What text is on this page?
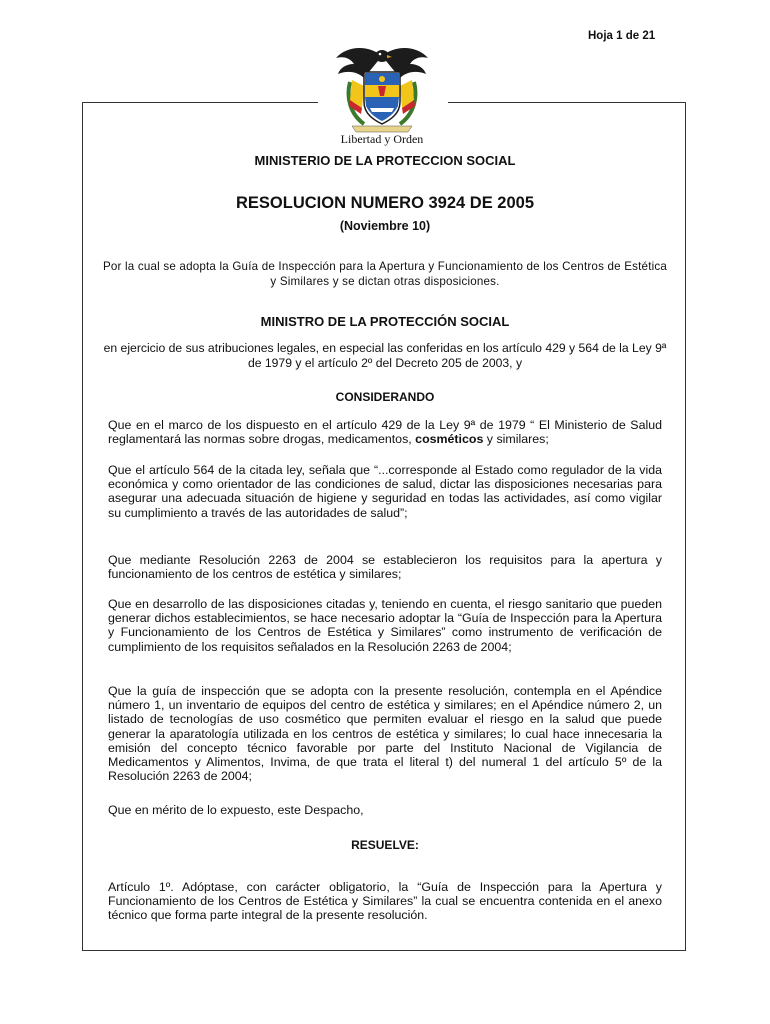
Hoja 1 de 21
Libertad y Orden
MINISTERIO DE LA PROTECCION SOCIAL
RESOLUCION NUMERO 3924 DE 2005
(Noviembre 10)
Por la cual se adopta la Guía de Inspección para la Apertura y Funcionamiento de los Centros de Estética y Similares y se dictan otras disposiciones.
MINISTRO DE LA PROTECCIÓN SOCIAL
en ejercicio de sus atribuciones legales, en especial las conferidas en los artículo 429 y 564 de la Ley 9ª de 1979 y el artículo 2º del Decreto 205 de 2003, y
CONSIDERANDO
Que en el marco de los dispuesto en el artículo 429 de la Ley 9ª de 1979 “ El Ministerio de Salud reglamentará las normas sobre drogas, medicamentos, cosméticos y similares;
Que el artículo 564 de la citada ley, señala que “...corresponde al Estado como regulador de la vida económica y como orientador de las condiciones de salud, dictar las disposiciones necesarias para asegurar una adecuada situación de higiene y seguridad en todas las actividades, así como vigilar su cumplimiento a través de las autoridades de salud”;
Que mediante Resolución 2263 de 2004 se establecieron los requisitos para la apertura y funcionamiento de los centros de estética y similares;
Que en desarrollo de las disposiciones citadas y, teniendo en cuenta, el riesgo sanitario que pueden generar dichos establecimientos, se hace necesario adoptar la “Guía de Inspección para la Apertura y Funcionamiento de los Centros de Estética y Similares” como instrumento de verificación de cumplimiento de los requisitos señalados en la Resolución 2263 de 2004;
Que la guía de inspección que se adopta con la presente resolución, contempla en el Apéndice número 1, un inventario de equipos del centro de estética y similares; en el Apéndice número 2, un listado de tecnologías de uso cosmético que permiten evaluar el riesgo en la salud que puede generar la aparatología utilizada en los centros de estética y similares; lo cual hace innecesaria la emisión del concepto técnico favorable por parte del Instituto Nacional de Vigilancia de Medicamentos y Alimentos, Invima, de que trata el literal t) del numeral 1 del artículo 5º de la Resolución 2263 de 2004;
Que en mérito de lo expuesto, este Despacho,
RESUELVE:
Artículo 1º. Adóptase, con carácter obligatorio, la “Guía de Inspección para la Apertura y Funcionamiento de los Centros de Estética y Similares” la cual se encuentra contenida en el anexo técnico que forma parte integral de la presente resolución.
